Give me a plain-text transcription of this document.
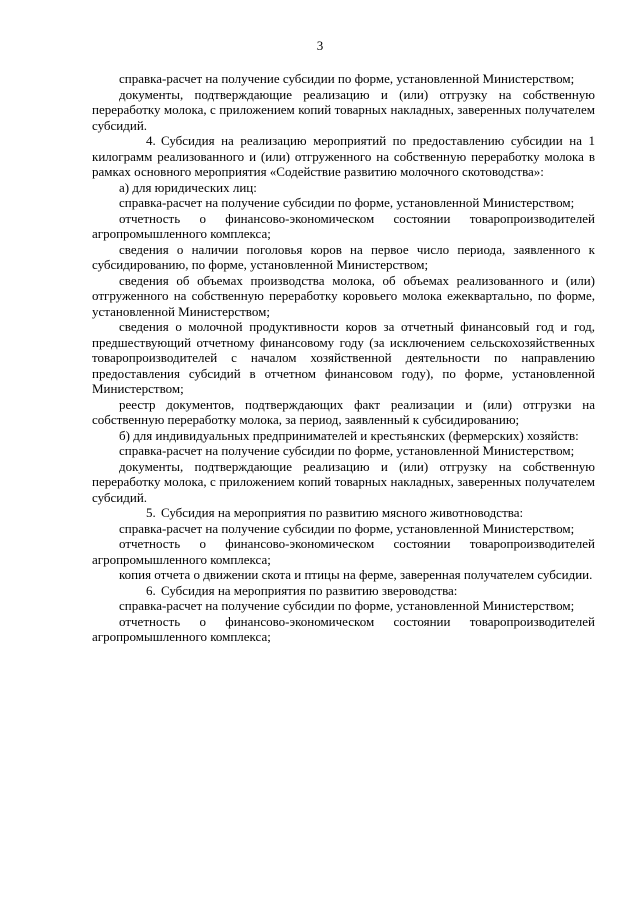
3

справка-расчет на получение субсидии по форме, установленной Министерством;

документы, подтверждающие реализацию и (или) отгрузку на собственную переработку молока, с приложением копий товарных накладных, заверенных получателем субсидий.

4. Субсидия на реализацию мероприятий по предоставлению субсидии на 1 килограмм реализованного и (или) отгруженного на собственную переработку молока в рамках основного мероприятия «Содействие развитию молочного скотоводства»:

а) для юридических лиц:

справка-расчет на получение субсидии по форме, установленной Министерством;

отчетность о финансово-экономическом состоянии товаропроизводителей агропромышленного комплекса;

сведения о наличии поголовья коров на первое число периода, заявленного к субсидированию, по форме, установленной Министерством;

сведения об объемах производства молока, об объемах реализованного и (или) отгруженного на собственную переработку коровьего молока ежеквартально, по форме, установленной Министерством;

сведения о молочной продуктивности коров за отчетный финансовый год и год, предшествующий отчетному финансовому году (за исключением сельскохозяйственных товаропроизводителей с началом хозяйственной деятельности по направлению предоставления субсидий в отчетном финансовом году), по форме, установленной Министерством;

реестр документов, подтверждающих факт реализации и (или) отгрузки на собственную переработку молока, за период, заявленный к субсидированию;

б) для индивидуальных предпринимателей и крестьянских (фермерских) хозяйств:

справка-расчет на получение субсидии по форме, установленной Министерством;

документы, подтверждающие реализацию и (или) отгрузку на собственную переработку молока, с приложением копий товарных накладных, заверенных получателем субсидий.

5. Субсидия на мероприятия по развитию мясного животноводства:

справка-расчет на получение субсидии по форме, установленной Министерством;

отчетность о финансово-экономическом состоянии товаропроизводителей агропромышленного комплекса;

копия отчета о движении скота и птицы на ферме, заверенная получателем субсидии.

6. Субсидия на мероприятия по развитию звероводства:

справка-расчет на получение субсидии по форме, установленной Министерством;

отчетность о финансово-экономическом состоянии товаропроизводителей агропромышленного комплекса;
